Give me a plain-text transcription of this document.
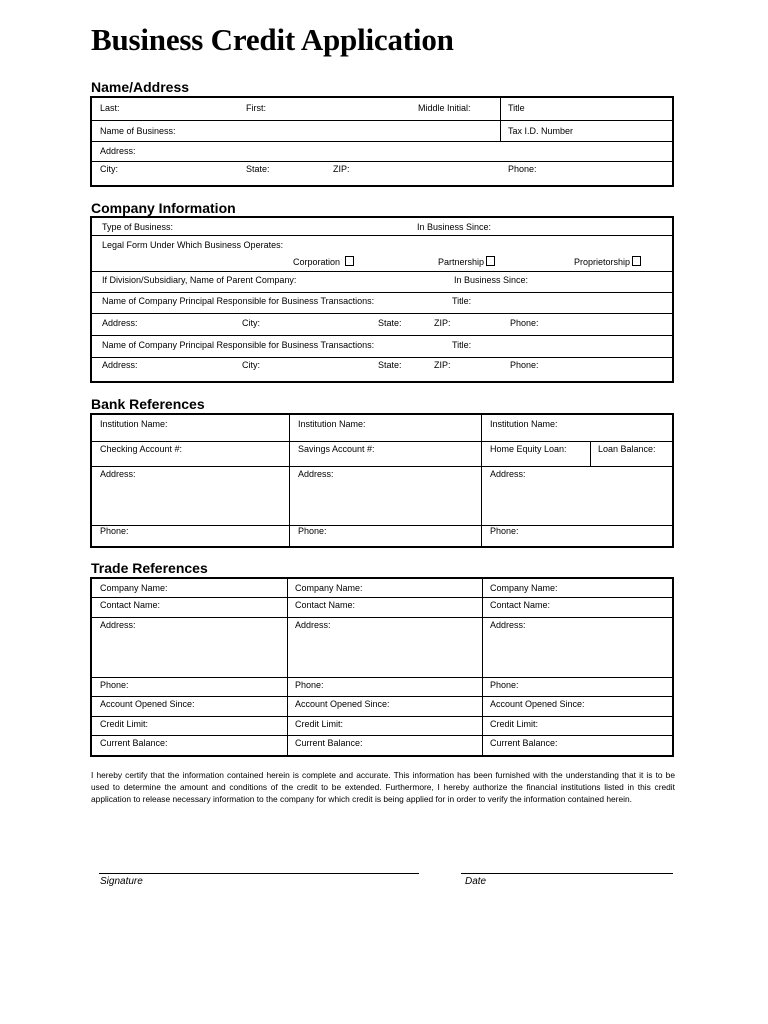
Business Credit Application
Name/Address
Last:	First:	Middle Initial:	Title
Name of Business:	Tax I.D. Number
Address:
City:	State:	ZIP:	Phone:
Company Information
Type of Business:	In Business Since:
Legal Form Under Which Business Operates:
Corporation	Partnership	Proprietorship
If Division/Subsidiary, Name of Parent Company:	In Business Since:
Name of Company Principal Responsible for Business Transactions:	Title:
Address:	City:	State:	ZIP:	Phone:
Name of Company Principal Responsible for Business Transactions:	Title:
Address:	City:	State:	ZIP:	Phone:
Bank References
Institution Name:	Institution Name:	Institution Name:
Checking Account #:	Savings Account #:	Home Equity Loan:	Loan Balance:
Address:	Address:	Address:
Phone:	Phone:	Phone:
Trade References
Company Name:	Company Name:	Company Name:
Contact Name:	Contact Name:	Contact Name:
Address:	Address:	Address:
Phone:	Phone:	Phone:
Account Opened Since:	Account Opened Since:	Account Opened Since:
Credit Limit:	Credit Limit:	Credit Limit:
Current Balance:	Current Balance:	Current Balance:
I hereby certify that the information contained herein is complete and accurate. This information has been furnished with the understanding that it is to be used to determine the amount and conditions of the credit to be extended. Furthermore, I hereby authorize the financial institutions listed in this credit application to release necessary information to the company for which credit is being applied for in order to verify the information contained herein.
Signature	Date
